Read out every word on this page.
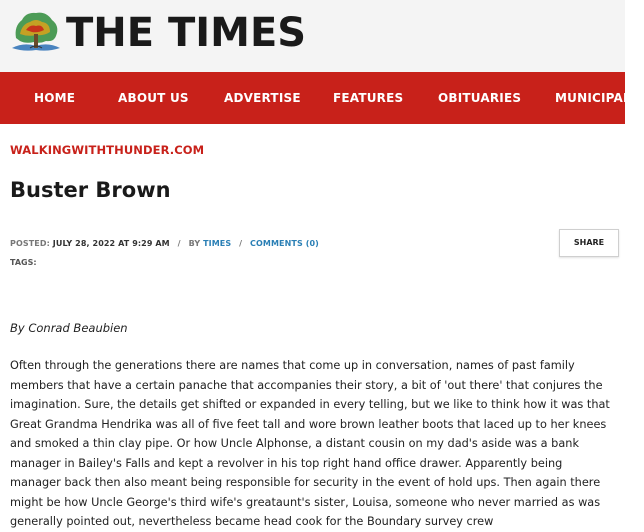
THE TIMES
HOME	ABOUT US	ADVERTISE	FEATURES	OBITUARIES	MUNICIPAL E
WALKINGWITHTHUNDER.COM
Buster Brown
POSTED: JULY 28, 2022 AT 9:29 AM / BY TIMES / COMMENTS (0)
TAGS:
SHARE
By Conrad Beaubien

Often through the generations there are names that come up in conversation, names of past family members that have a certain panache that accompanies their story, a bit of 'out there' that conjures the imagination. Sure, the details get shifted or expanded in every telling, but we like to think how it was that Great Grandma Hendrika was all of five feet tall and wore brown leather boots that laced up to her knees and smoked a thin clay pipe. Or how Uncle Alphonse, a distant cousin on my dad's aside was a bank manager in Bailey's Falls and kept a revolver in his top right hand office drawer. Apparently being manager back then also meant being responsible for security in the event of hold ups. Then again there might be how Uncle George's third wife's greataunt's sister, Louisa, someone who never married as was generally pointed out, nevertheless became head cook for the Boundary survey crew
